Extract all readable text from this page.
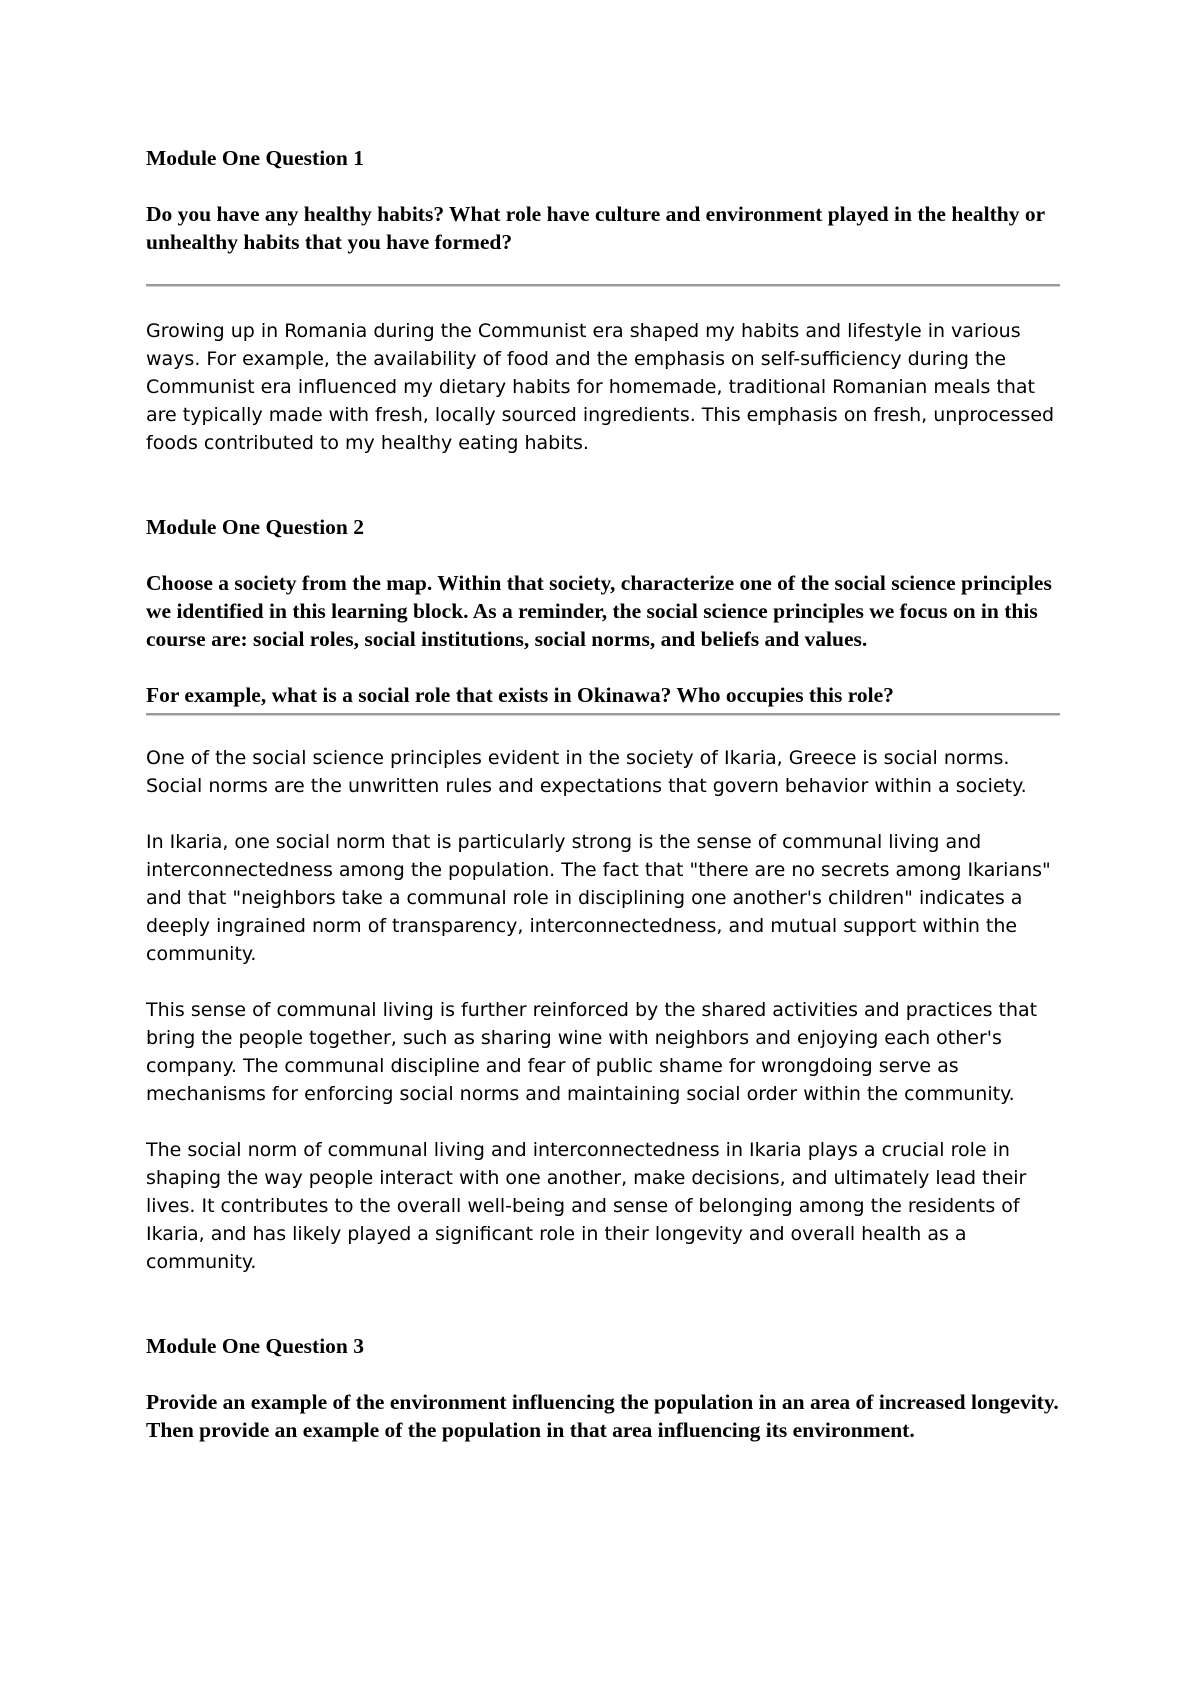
Module One Question 1

Do you have any healthy habits? What role have culture and environment played in the healthy or unhealthy habits that you have formed?

Growing up in Romania during the Communist era shaped my habits and lifestyle in various ways. For example, the availability of food and the emphasis on self-sufficiency during the Communist era influenced my dietary habits for homemade, traditional Romanian meals that are typically made with fresh, locally sourced ingredients. This emphasis on fresh, unprocessed foods contributed to my healthy eating habits.

Module One Question 2

Choose a society from the map. Within that society, characterize one of the social science principles we identified in this learning block. As a reminder, the social science principles we focus on in this course are: social roles, social institutions, social norms, and beliefs and values.

For example, what is a social role that exists in Okinawa? Who occupies this role?

One of the social science principles evident in the society of Ikaria, Greece is social norms. Social norms are the unwritten rules and expectations that govern behavior within a society.

In Ikaria, one social norm that is particularly strong is the sense of communal living and interconnectedness among the population. The fact that "there are no secrets among Ikarians" and that "neighbors take a communal role in disciplining one another's children" indicates a deeply ingrained norm of transparency, interconnectedness, and mutual support within the community.

This sense of communal living is further reinforced by the shared activities and practices that bring the people together, such as sharing wine with neighbors and enjoying each other's company. The communal discipline and fear of public shame for wrongdoing serve as mechanisms for enforcing social norms and maintaining social order within the community.

The social norm of communal living and interconnectedness in Ikaria plays a crucial role in shaping the way people interact with one another, make decisions, and ultimately lead their lives. It contributes to the overall well-being and sense of belonging among the residents of Ikaria, and has likely played a significant role in their longevity and overall health as a community.

Module One Question 3

Provide an example of the environment influencing the population in an area of increased longevity. Then provide an example of the population in that area influencing its environment.
